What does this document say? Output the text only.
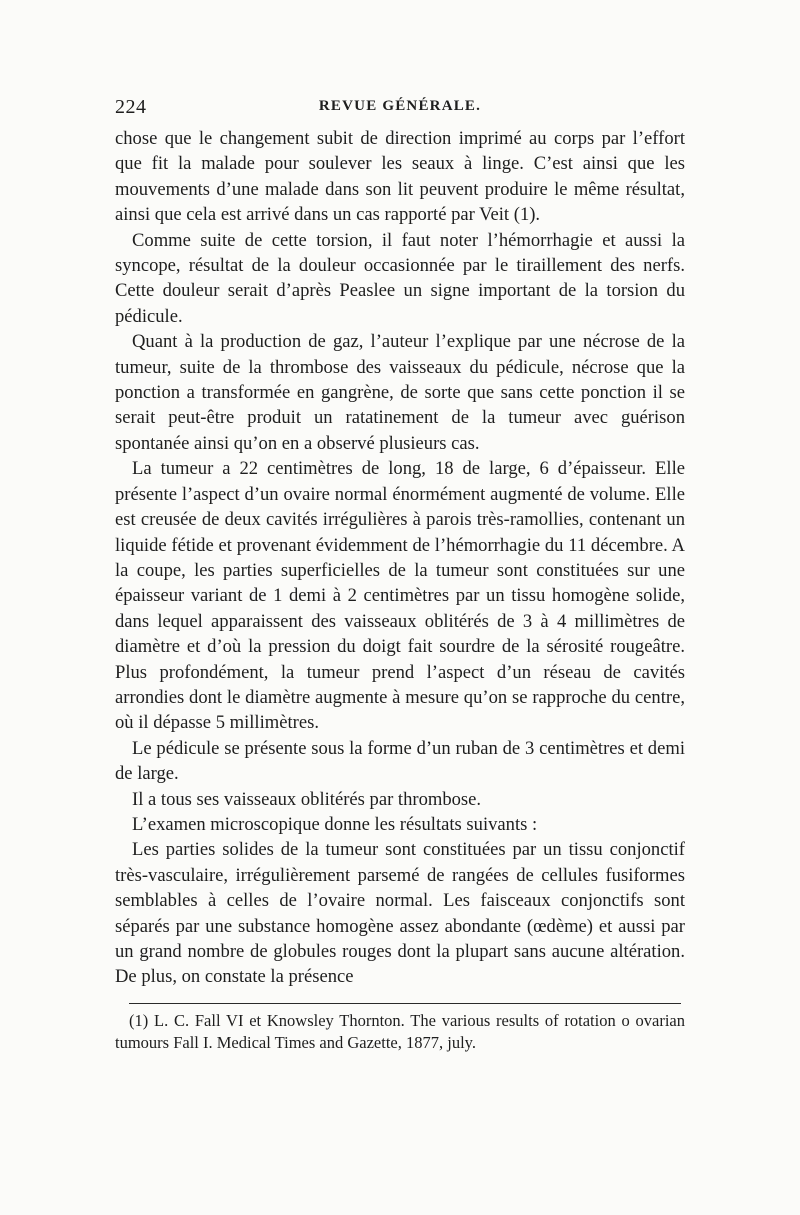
224	REVUE GÉNÉRALE.

chose que le changement subit de direction imprimé au corps par l’effort que fit la malade pour soulever les seaux à linge. C’est ainsi que les mouvements d’une malade dans son lit peuvent produire le même résultat, ainsi que cela est arrivé dans un cas rapporté par Veit (1).

Comme suite de cette torsion, il faut noter l’hémorrhagie et aussi la syncope, résultat de la douleur occasionnée par le tiraillement des nerfs. Cette douleur serait d’après Peaslee un signe important de la torsion du pédicule.

Quant à la production de gaz, l’auteur l’explique par une nécrose de la tumeur, suite de la thrombose des vaisseaux du pédicule, nécrose que la ponction a transformée en gangrène, de sorte que sans cette ponction il se serait peut-être produit un ratatinement de la tumeur avec guérison spontanée ainsi qu’on en a observé plusieurs cas.

La tumeur a 22 centimètres de long, 18 de large, 6 d’épaisseur. Elle présente l’aspect d’un ovaire normal énormément augmenté de volume. Elle est creusée de deux cavités irrégulières à parois très-ramollies, contenant un liquide fétide et provenant évidemment de l’hémorrhagie du 11 décembre. A la coupe, les parties superficielles de la tumeur sont constituées sur une épaisseur variant de 1 demi à 2 centimètres par un tissu homogène solide, dans lequel apparaissent des vaisseaux oblitérés de 3 à 4 millimètres de diamètre et d’où la pression du doigt fait sourdre de la sérosité rougeâtre. Plus profondément, la tumeur prend l’aspect d’un réseau de cavités arrondies dont le diamètre augmente à mesure qu’on se rapproche du centre, où il dépasse 5 millimètres.

Le pédicule se présente sous la forme d’un ruban de 3 centimètres et demi de large.

Il a tous ses vaisseaux oblitérés par thrombose.

L’examen microscopique donne les résultats suivants :

Les parties solides de la tumeur sont constituées par un tissu conjonctif très-vasculaire, irrégulièrement parsemé de rangées de cellules fusiformes semblables à celles de l’ovaire normal. Les faisceaux conjonctifs sont séparés par une substance homogène assez abondante (œdème) et aussi par un grand nombre de globules rouges dont la plupart sans aucune altération. De plus, on constate la présence

(1) L. C. Fall VI et Knowsley Thornton. The various results of rotation o ovarian tumours Fall I. Medical Times and Gazette, 1877, july.
